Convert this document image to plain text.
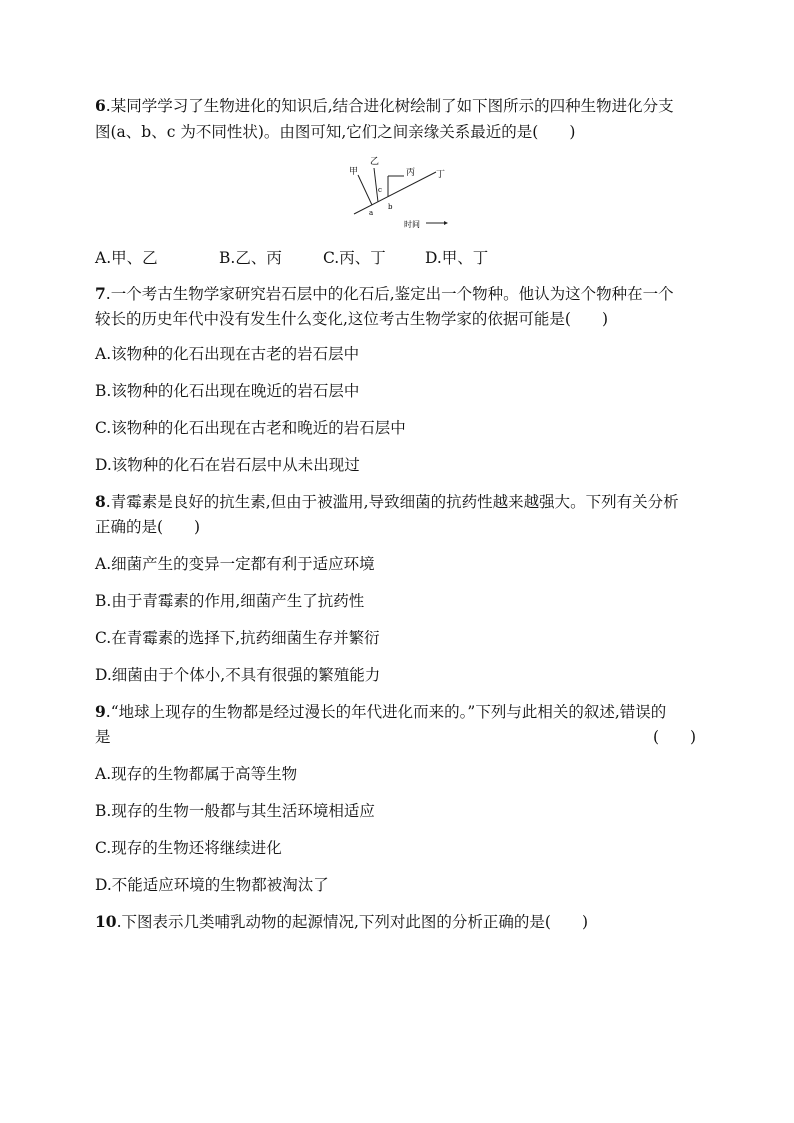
6.某同学学习了生物进化的知识后,结合进化树绘制了如下图所示的四种生物进化分支
图(a、b、c 为不同性状)。由图可知,它们之间亲缘关系最近的是(　　)
甲
乙
丙 丁
a
b
c
时间
A.甲、乙	B.乙、丙	C.丙、丁	D.甲、丁
7.一个考古生物学家研究岩石层中的化石后,鉴定出一个物种。他认为这个物种在一个
较长的历史年代中没有发生什么变化,这位考古生物学家的依据可能是(　　)
A.该物种的化石出现在古老的岩石层中
B.该物种的化石出现在晚近的岩石层中
C.该物种的化石出现在古老和晚近的岩石层中
D.该物种的化石在岩石层中从未出现过
8.青霉素是良好的抗生素,但由于被滥用,导致细菌的抗药性越来越强大。下列有关分析
正确的是(　　)
A.细菌产生的变异一定都有利于适应环境
B.由于青霉素的作用,细菌产生了抗药性
C.在青霉素的选择下,抗药细菌生存并繁衍
D.细菌由于个体小,不具有很强的繁殖能力
9.“地球上现存的生物都是经过漫长的年代进化而来的。”下列与此相关的叙述,错误的
是	(　　)
A.现存的生物都属于高等生物
B.现存的生物一般都与其生活环境相适应
C.现存的生物还将继续进化
D.不能适应环境的生物都被淘汰了
10.下图表示几类哺乳动物的起源情况,下列对此图的分析正确的是(　　)
